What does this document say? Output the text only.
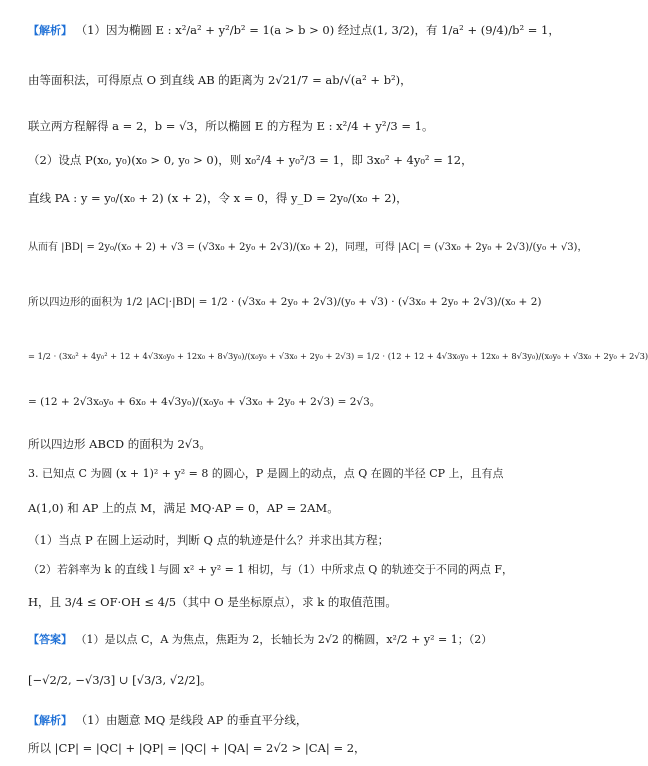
【解析】 （1）因为椭圆 E : x²/a² + y²/b² = 1(a > b > 0) 经过点(1, 3/2)，有 1/a² + (9/4)/b² = 1，
由等面积法，可得原点 O 到直线 AB 的距离为 2√21/7 = ab/√(a² + b²)，
联立两方程解得 a = 2，b = √3，所以椭圆 E 的方程为 E : x²/4 + y²/3 = 1。
（2）设点 P(x₀, y₀)(x₀ > 0, y₀ > 0)，则 x₀²/4 + y₀²/3 = 1，即 3x₀² + 4y₀² = 12，
直线 PA : y = y₀/(x₀ + 2) (x + 2)，令 x = 0，得 y_D = 2y₀/(x₀ + 2)，
从而有 |BD| = 2y₀/(x₀ + 2) + √3 = (√3x₀ + 2y₀ + 2√3)/(x₀ + 2)，同理，可得 |AC| = (√3x₀ + 2y₀ + 2√3)/(y₀ + √3)，
所以四边形的面积为 1/2 |AC|·|BD| = 1/2 · (√3x₀ + 2y₀ + 2√3)/(y₀ + √3) · (√3x₀ + 2y₀ + 2√3)/(x₀ + 2)
= 1/2 · (3x₀² + 4y₀² + 12 + 4√3x₀y₀ + 12x₀ + 8√3y₀)/(x₀y₀ + √3x₀ + 2y₀ + 2√3) = 1/2 · (12 + 12 + 4√3x₀y₀ + 12x₀ + 8√3y₀)/(x₀y₀ + √3x₀ + 2y₀ + 2√3)
= (12 + 2√3x₀y₀ + 6x₀ + 4√3y₀)/(x₀y₀ + √3x₀ + 2y₀ + 2√3) = 2√3。
所以四边形 ABCD 的面积为 2√3。
3. 已知点 C 为圆 (x + 1)² + y² = 8 的圆心，P 是圆上的动点，点 Q 在圆的半径 CP 上，且有点
A(1,0) 和 AP 上的点 M，满足 MQ·AP = 0，AP = 2AM。
（1）当点 P 在圆上运动时，判断 Q 点的轨迹是什么？并求出其方程；
（2）若斜率为 k 的直线 l 与圆 x² + y² = 1 相切，与（1）中所求点 Q 的轨迹交于不同的两点 F，
H，且 3/4 ≤ OF·OH ≤ 4/5（其中 O 是坐标原点），求 k 的取值范围。
【答案】 （1）是以点 C，A 为焦点，焦距为 2，长轴长为 2√2 的椭圆，x²/2 + y² = 1；（2）
[−√2/2, −√3/3] ∪ [√3/3, √2/2]。
【解析】 （1）由题意 MQ 是线段 AP 的垂直平分线，
所以 |CP| = |QC| + |QP| = |QC| + |QA| = 2√2 > |CA| = 2，
